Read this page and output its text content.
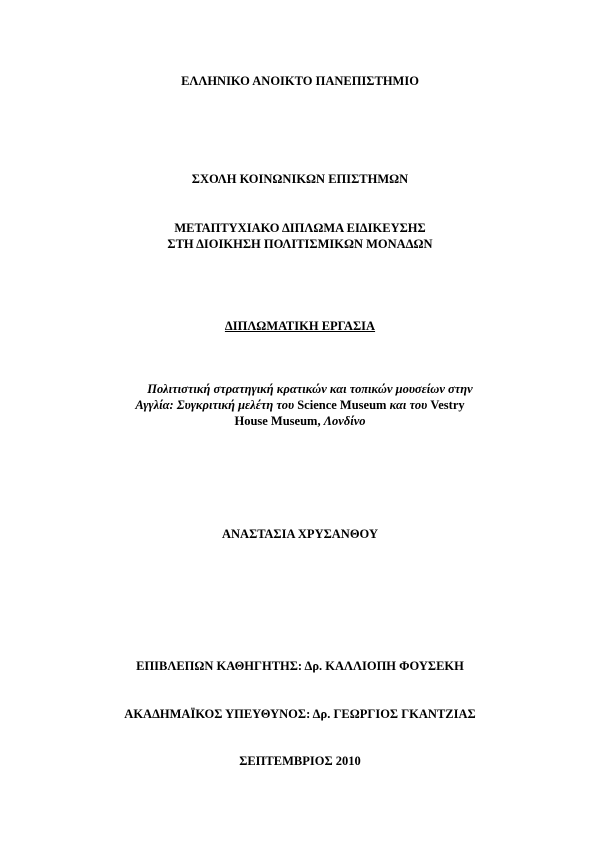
ΕΛΛΗΝΙΚΟ ΑΝΟΙΚΤΟ ΠΑΝΕΠΙΣΤΗΜΙΟ
ΣΧΟΛΗ ΚΟΙΝΩΝΙΚΩΝ ΕΠΙΣΤΗΜΩΝ
ΜΕΤΑΠΤΥΧΙΑΚΟ ΔΙΠΛΩΜΑ ΕΙΔΙΚΕΥΣΗΣ
ΣΤΗ ΔΙΟΙΚΗΣΗ ΠΟΛΙΤΙΣΜΙΚΩΝ ΜΟΝΑΔΩΝ
ΔΙΠΛΩΜΑΤΙΚΗ ΕΡΓΑΣΙΑ
Πολιτιστική στρατηγική κρατικών και τοπικών μουσείων στην
Αγγλία: Συγκριτική μελέτη του Science Museum και του Vestry
House Museum, Λονδίνο
ΑΝΑΣΤΑΣΙΑ ΧΡΥΣΑΝΘΟΥ
ΕΠΙΒΛΕΠΩΝ ΚΑΘΗΓΗΤΗΣ: Δρ. ΚΑΛΛΙΟΠΗ ΦΟΥΣΕΚΗ
ΑΚΑΔΗΜΑΪΚΟΣ ΥΠΕΥΘΥΝΟΣ: Δρ. ΓΕΩΡΓΙΟΣ ΓΚΑΝΤΖΙΑΣ
ΣΕΠΤΕΜΒΡΙΟΣ 2010
